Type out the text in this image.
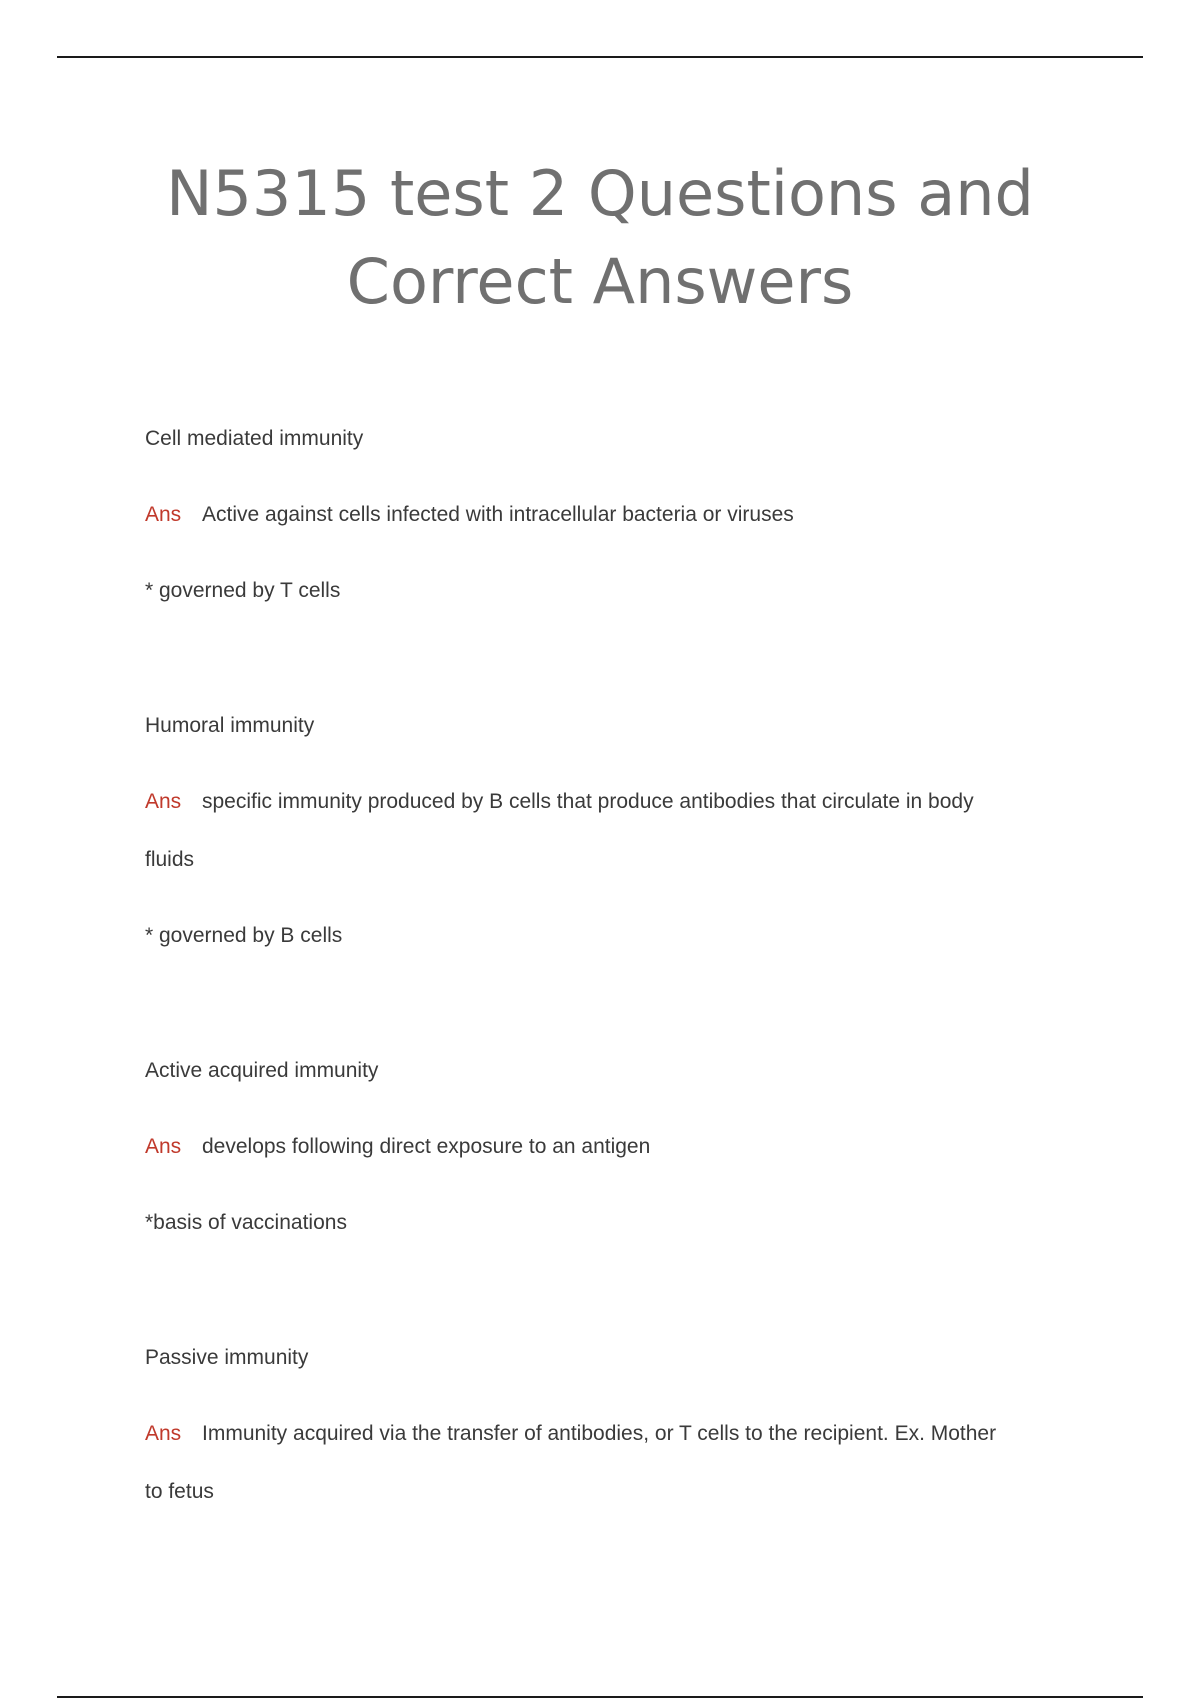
N5315 test 2 Questions and
Correct Answers

Cell mediated immunity

Ans Active against cells infected with intracellular bacteria or viruses

* governed by T cells

Humoral immunity

Ans specific immunity produced by B cells that produce antibodies that circulate in body

fluids

* governed by B cells

Active acquired immunity

Ans develops following direct exposure to an antigen

*basis of vaccinations

Passive immunity

Ans Immunity acquired via the transfer of antibodies, or T cells to the recipient. Ex. Mother

to fetus
